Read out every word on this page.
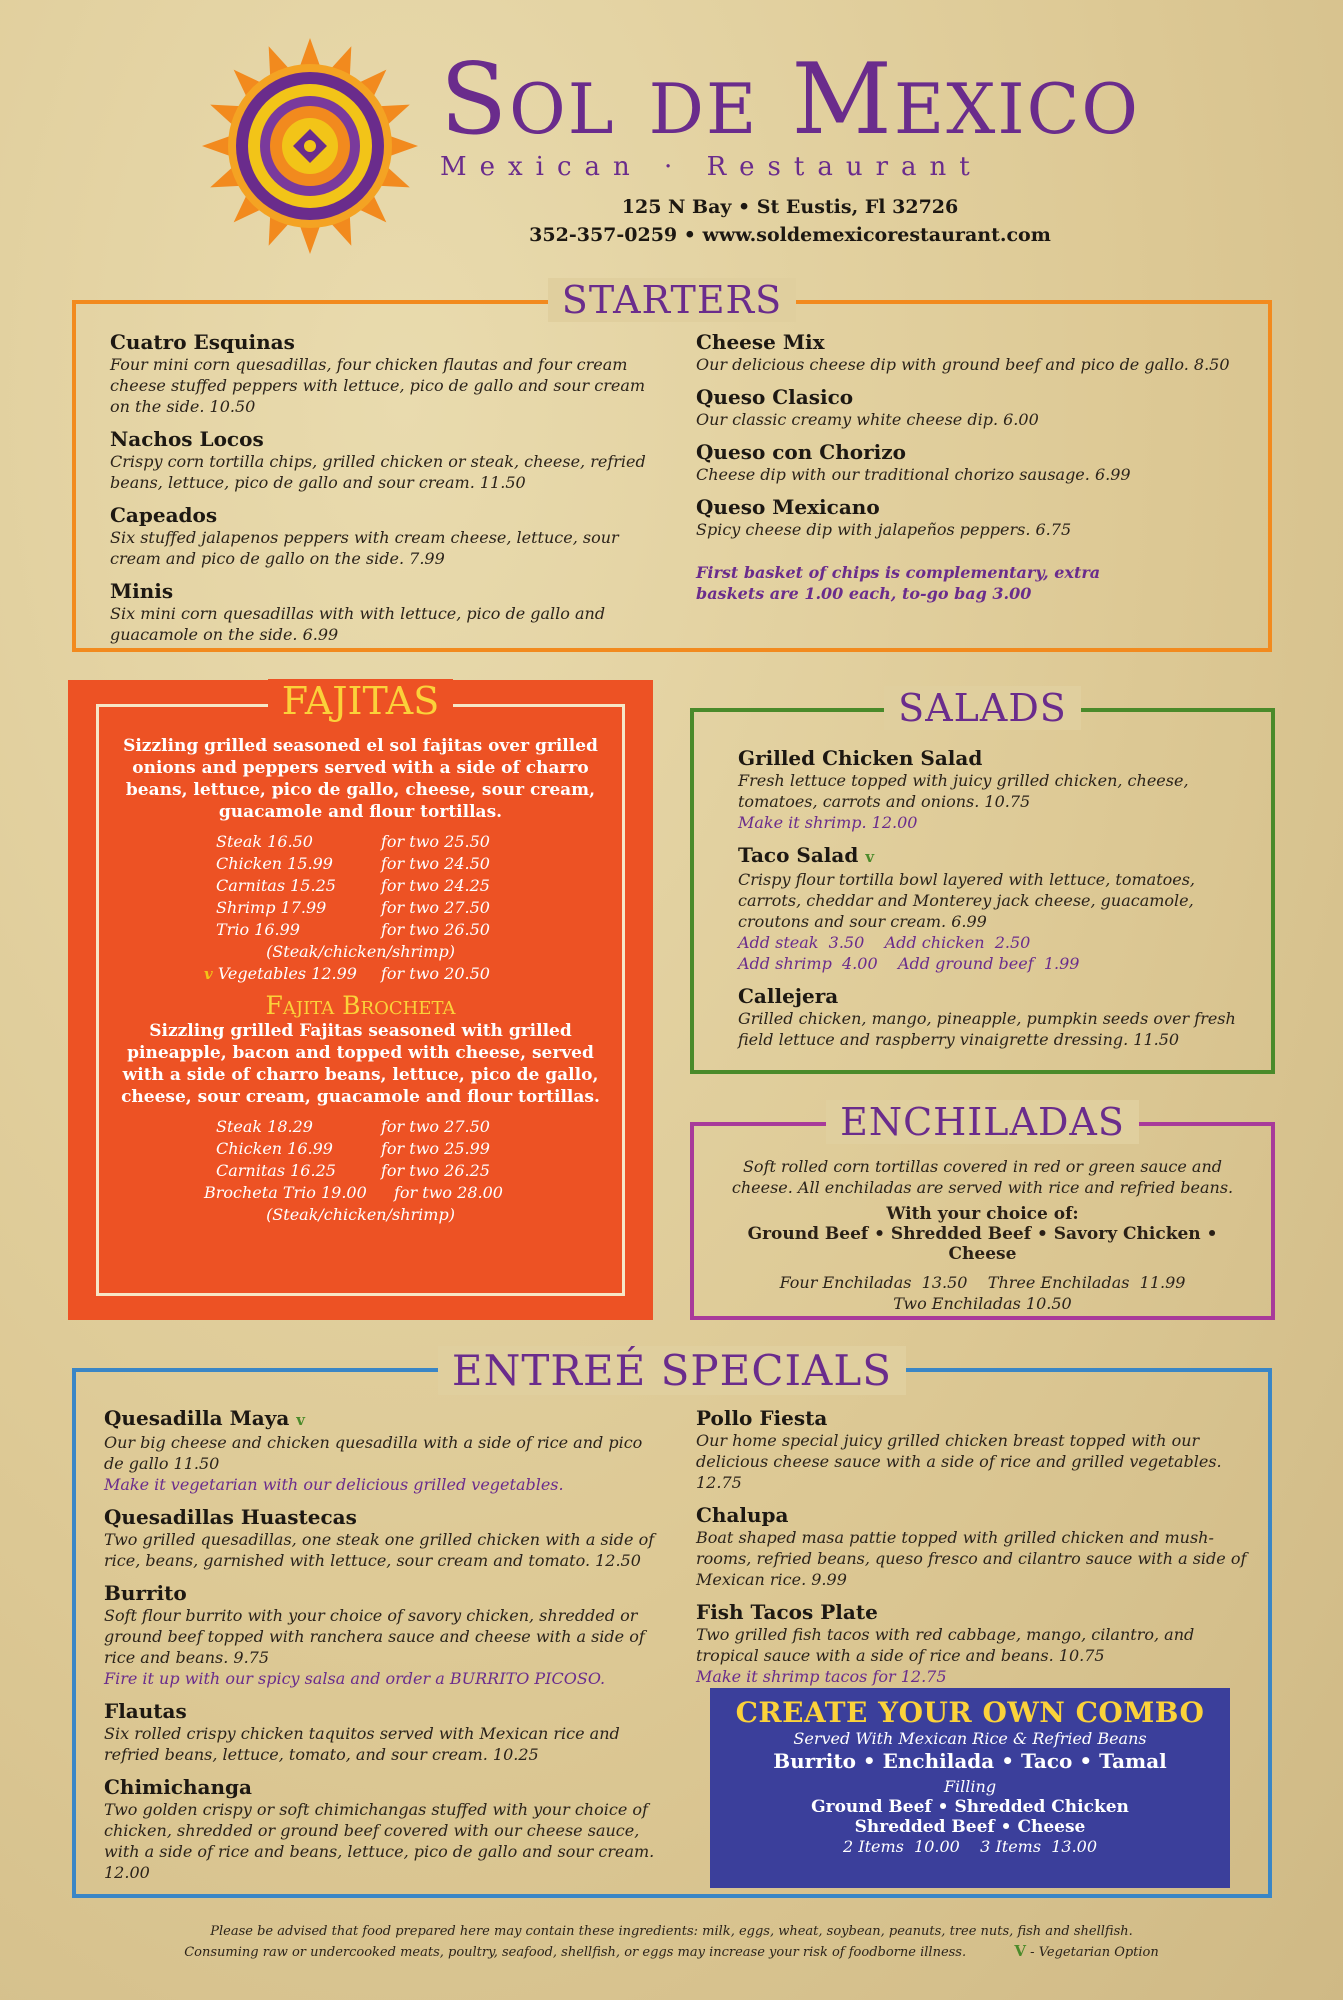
Sol de Mexico
Mexican · Restaurant
125 N Bay • St Eustis, Fl 32726
352-357-0259 • www.soldemexicorestaurant.com
STARTERS
Cuatro Esquinas
Four mini corn quesadillas, four chicken flautas and four cream cheese stuffed peppers with lettuce, pico de gallo and sour cream on the side. 10.50
Nachos Locos
Crispy corn tortilla chips, grilled chicken or steak, cheese, refried beans, lettuce, pico de gallo and sour cream. 11.50
Capeados
Six stuffed jalapenos peppers with cream cheese, lettuce, sour cream and pico de gallo on the side. 7.99
Minis
Six mini corn quesadillas with with lettuce, pico de gallo and guacamole on the side. 6.99
Cheese Mix
Our delicious cheese dip with ground beef and pico de gallo. 8.50
Queso Clasico
Our classic creamy white cheese dip. 6.00
Queso con Chorizo
Cheese dip with our traditional chorizo sausage. 6.99
Queso Mexicano
Spicy cheese dip with jalapeños peppers. 6.75
First basket of chips is complementary, extra baskets are 1.00 each, to-go bag 3.00
FAJITAS
Sizzling grilled seasoned el sol fajitas over grilled onions and peppers served with a side of charro beans, lettuce, pico de gallo, cheese, sour cream, guacamole and flour tortillas.
Steak 16.50	for two 25.50
Chicken 15.99	for two 24.50
Carnitas 15.25	for two 24.25
Shrimp 17.99	for two 27.50
Trio 16.99	for two 26.50
(Steak/chicken/shrimp)
v Vegetables 12.99	for two 20.50
Fajita Brocheta
Sizzling grilled Fajitas seasoned with grilled pineapple, bacon and topped with cheese, served with a side of charro beans, lettuce, pico de gallo, cheese, sour cream, guacamole and flour tortillas.
Steak 18.29	for two 27.50
Chicken 16.99	for two 25.99
Carnitas 16.25	for two 26.25
Brocheta Trio 19.00	for two 28.00
(Steak/chicken/shrimp)
SALADS
Grilled Chicken Salad
Fresh lettuce topped with juicy grilled chicken, cheese, tomatoes, carrots and onions. 10.75
Make it shrimp. 12.00
Taco Salad v
Crispy flour tortilla bowl layered with lettuce, tomatoes, carrots, cheddar and Monterey jack cheese, guacamole, croutons and sour cream. 6.99
Add steak  3.50    Add chicken  2.50
Add shrimp  4.00    Add ground beef  1.99
Callejera
Grilled chicken, mango, pineapple, pumpkin seeds over fresh field lettuce and raspberry vinaigrette dressing. 11.50
ENCHILADAS
Soft rolled corn tortillas covered in red or green sauce and cheese. All enchiladas are served with rice and refried beans.
With your choice of:
Ground Beef • Shredded Beef • Savory Chicken • Cheese
Four Enchiladas  13.50    Three Enchiladas  11.99
Two Enchiladas 10.50
ENTREÉ SPECIALS
Quesadilla Maya v
Our big cheese and chicken quesadilla with a side of rice and pico de gallo 11.50
Make it vegetarian with our delicious grilled vegetables.
Quesadillas Huastecas
Two grilled quesadillas, one steak one grilled chicken with a side of rice, beans, garnished with lettuce, sour cream and tomato. 12.50
Burrito
Soft flour burrito with your choice of savory chicken, shredded or ground beef topped with ranchera sauce and cheese with a side of rice and beans. 9.75
Fire it up with our spicy salsa and order a BURRITO PICOSO.
Flautas
Six rolled crispy chicken taquitos served with Mexican rice and refried beans, lettuce, tomato, and sour cream. 10.25
Chimichanga
Two golden crispy or soft chimichangas stuffed with your choice of chicken, shredded or ground beef covered with our cheese sauce, with a side of rice and beans, lettuce, pico de gallo and sour cream. 12.00
Pollo Fiesta
Our home special juicy grilled chicken breast topped with our delicious cheese sauce with a side of rice and grilled vegetables. 12.75
Chalupa
Boat shaped masa pattie topped with grilled chicken and mush-rooms, refried beans, queso fresco and cilantro sauce with a side of Mexican rice. 9.99
Fish Tacos Plate
Two grilled fish tacos with red cabbage, mango, cilantro, and tropical sauce with a side of rice and beans. 10.75
Make it shrimp tacos for 12.75
CREATE YOUR OWN COMBO
Served With Mexican Rice & Refried Beans
Burrito • Enchilada • Taco • Tamal
Filling
Ground Beef • Shredded Chicken
Shredded Beef • Cheese
2 Items  10.00    3 Items  13.00
Please be advised that food prepared here may contain these ingredients: milk, eggs, wheat, soybean, peanuts, tree nuts, fish and shellfish.
Consuming raw or undercooked meats, poultry, seafood, shellfish, or eggs may increase your risk of foodborne illness.	V - Vegetarian Option
